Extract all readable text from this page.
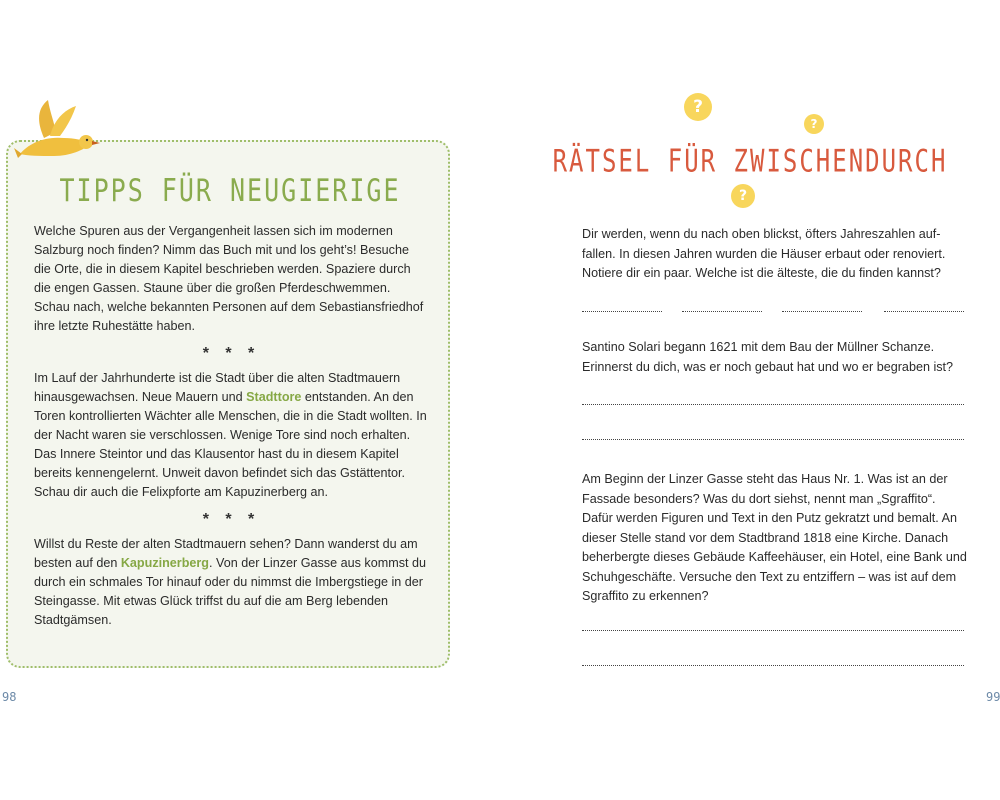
TIPPS FÜR NEUGIERIGE

Welche Spuren aus der Vergangenheit lassen sich im modernen Salzburg noch finden? Nimm das Buch mit und los geht’s! Besuche die Orte, die in diesem Kapitel beschrieben werden. Spaziere durch die engen Gassen. Staune über die großen Pferdeschwemmen. Schau nach, welche bekannten Personen auf dem Sebastiansfriedhof ihre letzte Ruhestätte haben.

* * *

Im Lauf der Jahrhunderte ist die Stadt über die alten Stadtmauern hinausgewachsen. Neue Mauern und Stadttore entstanden. An den Toren kontrollierten Wächter alle Menschen, die in die Stadt wollten. In der Nacht waren sie verschlossen. Wenige Tore sind noch erhalten. Das Innere Steintor und das Klausentor hast du in diesem Kapitel bereits kennengelernt. Unweit davon befindet sich das Gstättentor. Schau dir auch die Felixpforte am Kapuzinerberg an.

* * *

Willst du Reste der alten Stadtmauern sehen? Dann wanderst du am besten auf den Kapuzinerberg. Von der Linzer Gasse aus kommst du durch ein schmales Tor hinauf oder du nimmst die Imbergstiege in der Steingasse. Mit etwas Glück triffst du auf die am Berg lebenden Stadtgämsen.

98
?
?
?
RÄTSEL FÜR ZWISCHENDURCH

Dir werden, wenn du nach oben blickst, öfters Jahreszahlen auffallen. In diesen Jahren wurden die Häuser erbaut oder renoviert. Notiere dir ein paar. Welche ist die älteste, die du finden kannst?

Santino Solari begann 1621 mit dem Bau der Müllner Schanze. Erinnerst du dich, was er noch gebaut hat und wo er begraben ist?

Am Beginn der Linzer Gasse steht das Haus Nr. 1. Was ist an der Fassade besonders? Was du dort siehst, nennt man „Sgraffito“. Dafür werden Figuren und Text in den Putz gekratzt und bemalt. An dieser Stelle stand vor dem Stadtbrand 1818 eine Kirche. Danach beherbergte dieses Gebäude Kaffeehäuser, ein Hotel, eine Bank und Schuhgeschäfte. Versuche den Text zu entziffern – was ist auf dem Sgraffito zu erkennen?

99
